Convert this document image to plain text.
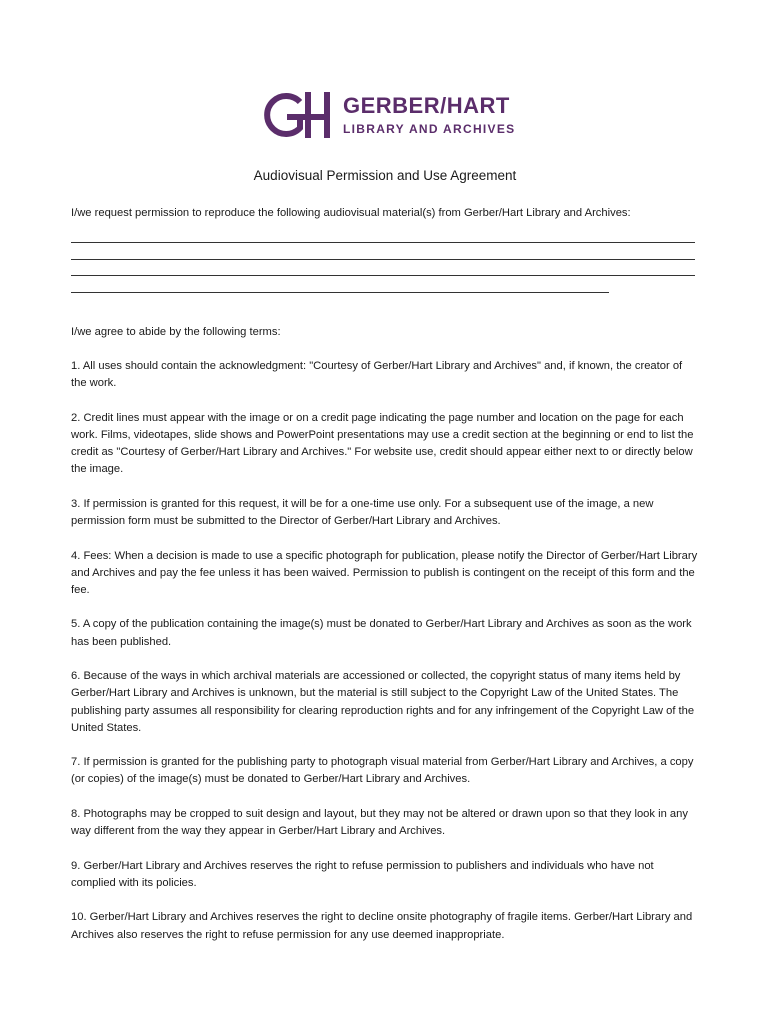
GERBER/HART
LIBRARY AND ARCHIVES
Audiovisual Permission and Use Agreement
I/we request permission to reproduce the following audiovisual material(s) from Gerber/Hart Library and Archives:
I/we agree to abide by the following terms:

1. All uses should contain the acknowledgment: "Courtesy of Gerber/Hart Library and Archives" and, if known, the creator of the work.

2. Credit lines must appear with the image or on a credit page indicating the page number and location on the page for each work. Films, videotapes, slide shows and PowerPoint presentations may use a credit section at the beginning or end to list the credit as "Courtesy of Gerber/Hart Library and Archives." For website use, credit should appear either next to or directly below the image.

3. If permission is granted for this request, it will be for a one-time use only. For a subsequent use of the image, a new permission form must be submitted to the Director of Gerber/Hart Library and Archives.

4. Fees: When a decision is made to use a specific photograph for publication, please notify the Director of Gerber/Hart Library and Archives and pay the fee unless it has been waived. Permission to publish is contingent on the receipt of this form and the fee.

5. A copy of the publication containing the image(s) must be donated to Gerber/Hart Library and Archives as soon as the work has been published.

6. Because of the ways in which archival materials are accessioned or collected, the copyright status of many items held by Gerber/Hart Library and Archives is unknown, but the material is still subject to the Copyright Law of the United States. The publishing party assumes all responsibility for clearing reproduction rights and for any infringement of the Copyright Law of the United States.

7. If permission is granted for the publishing party to photograph visual material from Gerber/Hart Library and Archives, a copy (or copies) of the image(s) must be donated to Gerber/Hart Library and Archives.

8. Photographs may be cropped to suit design and layout, but they may not be altered or drawn upon so that they look in any way different from the way they appear in Gerber/Hart Library and Archives.

9. Gerber/Hart Library and Archives reserves the right to refuse permission to publishers and individuals who have not complied with its policies.

10. Gerber/Hart Library and Archives reserves the right to decline onsite photography of fragile items. Gerber/Hart Library and Archives also reserves the right to refuse permission for any use deemed inappropriate.
